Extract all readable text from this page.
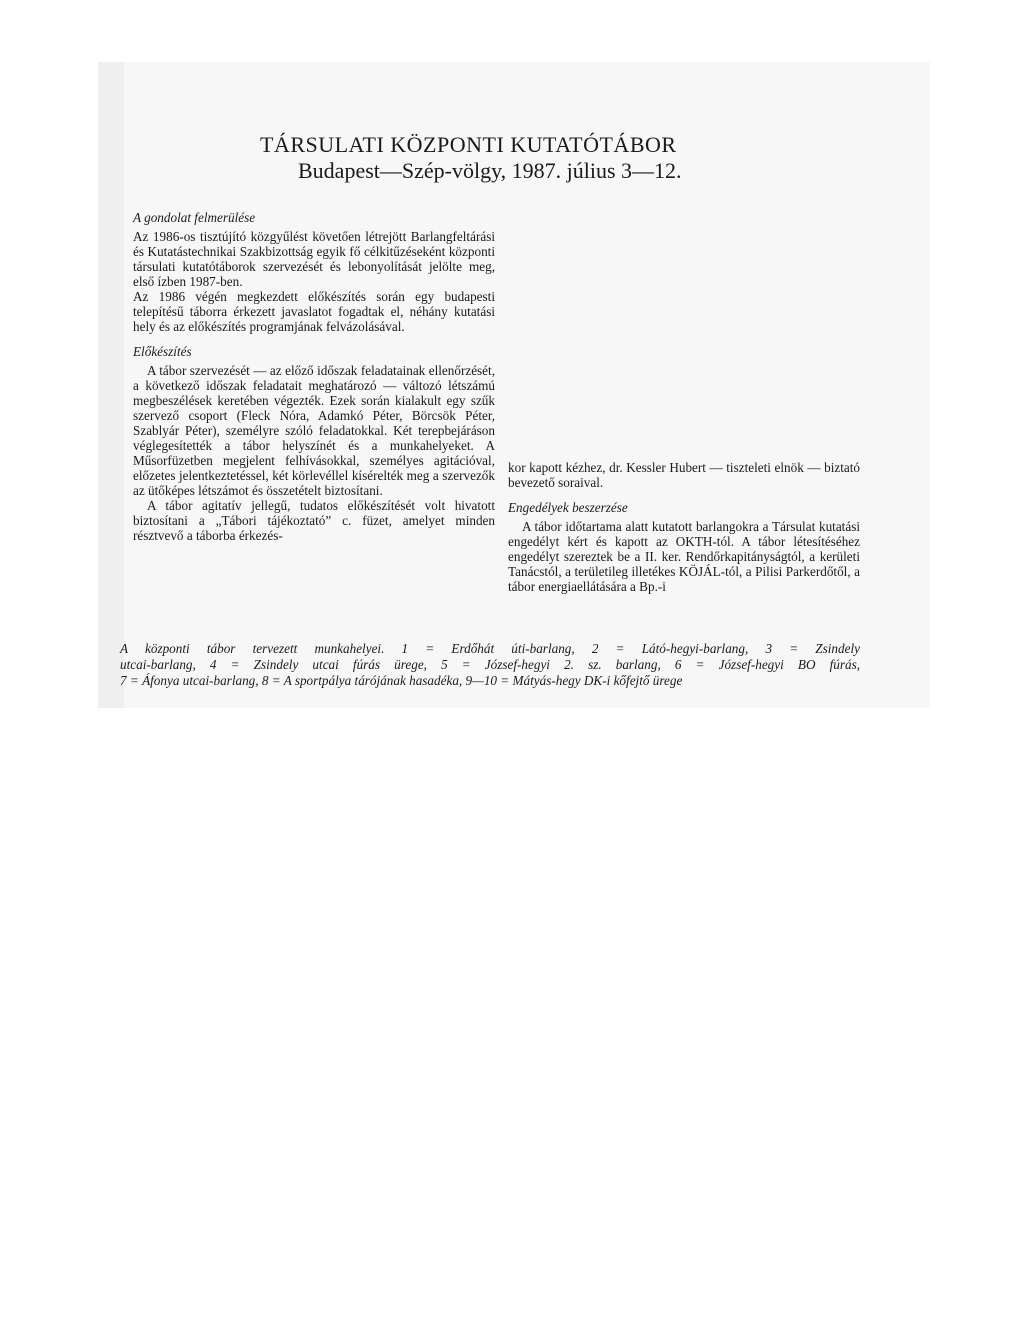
TÁRSULATI KÖZPONTI KUTATÓTÁBOR
Budapest—Szép-völgy, 1987. július 3—12.
A gondolat felmerülése

Az 1986-os tisztújító közgyűlést követően létrejött Barlangfeltárási és Kutatástechnikai Szakbizottság egyik fő célkitűzéseként központi társulati kutatótáborok szervezését és lebonyolítását jelölte meg, első ízben 1987-ben.

Az 1986 végén megkezdett előkészítés során egy budapesti telepítésű táborra érkezett javaslatot fogadtak el, néhány kutatási hely és az előkészítés programjának felvázolásával.

Előkészítés

A tábor szervezését — az előző időszak feladatainak ellenőrzését, a következő időszak feladatait meghatározó — változó létszámú megbeszélések keretében végezték. Ezek során kialakult egy szűk szervező csoport (Fleck Nóra, Adamkó Péter, Börcsök Péter, Szablyár Péter), személyre szóló feladatokkal. Két terepbejáráson véglegesítették a tábor helyszínét és a munkahelyeket. A Műsorfüzetben megjelent felhívásokkal, személyes agitációval, előzetes jelentkeztetéssel, két körlevéllel kísérelték meg a szervezők az ütőképes létszámot és összetételt biztosítani.

A tábor agitatív jellegű, tudatos előkészítését volt hivatott biztosítani a „Tábori tájékoztató” c. füzet, amelyet minden résztvevő a táborba érkezés-

kor kapott kézhez, dr. Kessler Hubert — tiszteleti elnök — biztató bevezető soraival.

Engedélyek beszerzése

A tábor időtartama alatt kutatott barlangokra a Társulat kutatási engedélyt kért és kapott az OKTH-tól. A tábor létesítéséhez engedélyt szereztek be a II. ker. Rendőrkapitányságtól, a kerületi Tanácstól, a területileg illetékes KÖJÁL-tól, a Pilisi Parkerdőtől, a tábor energiaellátására a Bp.-i

A központi tábor tervezett munkahelyei. 1 = Erdőhát úti-barlang, 2 = Látó-hegyi-barlang, 3 = Zsindely
utcai-barlang, 4 = Zsindely utcai fúrás ürege, 5 = József-hegyi 2. sz. barlang, 6 = József-hegyi BO fúrás,
7 = Áfonya utcai-barlang, 8 = A sportpálya tárójának hasadéka, 9—10 = Mátyás-hegy DK-i kőfejtő ürege
